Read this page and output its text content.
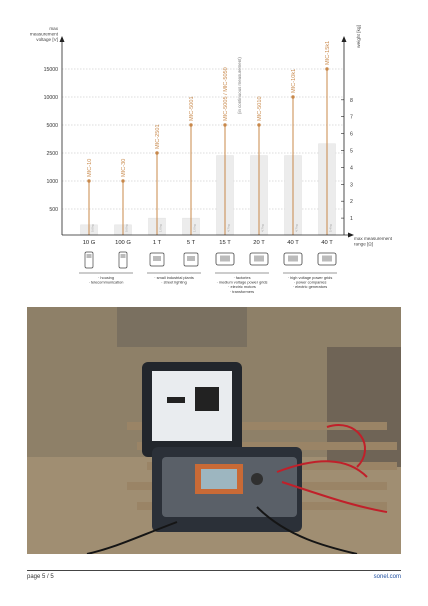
max measurement voltage [V]	weight [kg]
500
1000
2500
5000
10000
15000
1
2
3
4
5
6
7
8
0.6 kg	0.6 kg	1.0 kg	1.0 kg	4.7 kg	4.7 kg	4.7 kg	5.4 kg
MIC-10	MIC-30
MIC-2501
MIC-5001	MIC-5005 / MIC-5050	MIC-5010
MIC-10k1
MIC-15k1
(in continuous measurement)
10 G	100 G	1 T	5 T	15 T	20 T	40 T	40 T
max measurement range [Ω]
· housing
· telecommunication
· small industrial plants
· street lighting
· factories
· medium voltage power grids
· electric motors
· transformers
· high voltage power grids
· power companies
· electric generators
page 5 / 5	sonel.com
